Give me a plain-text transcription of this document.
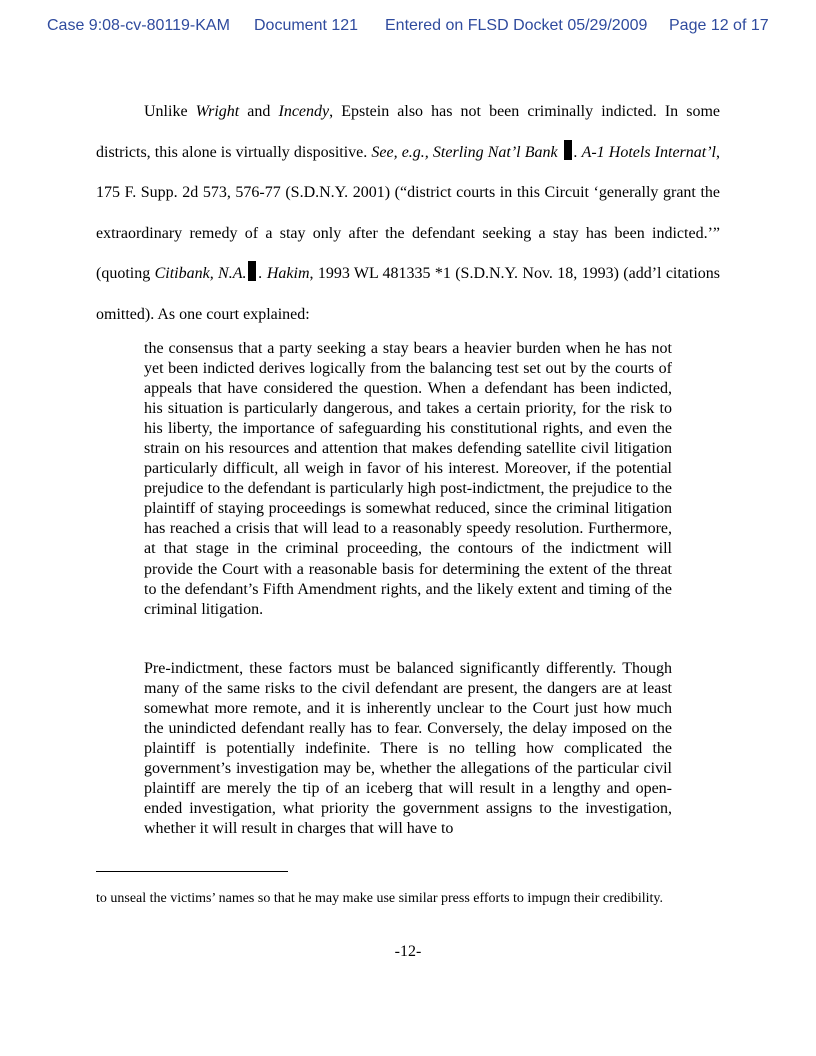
Case 9:08-cv-80119-KAM Document 121 Entered on FLSD Docket 05/29/2009 Page 12 of 17
Unlike Wright and Incendy, Epstein also has not been criminally indicted. In some districts, this alone is virtually dispositive. See, e.g., Sterling Nat’l Bank . A-1 Hotels Internat’l, 175 F. Supp. 2d 573, 576-77 (S.D.N.Y. 2001) (“district courts in this Circuit ‘generally grant the extraordinary remedy of a stay only after the defendant seeking a stay has been indicted.’” (quoting Citibank, N.A. . Hakim, 1993 WL 481335 *1 (S.D.N.Y. Nov. 18, 1993) (add’l citations omitted). As one court explained:
the consensus that a party seeking a stay bears a heavier burden when he has not yet been indicted derives logically from the balancing test set out by the courts of appeals that have considered the question. When a defendant has been indicted, his situation is particularly dangerous, and takes a certain priority, for the risk to his liberty, the importance of safeguarding his constitutional rights, and even the strain on his resources and attention that makes defending satellite civil litigation particularly difficult, all weigh in favor of his interest. Moreover, if the potential prejudice to the defendant is particularly high post-indictment, the prejudice to the plaintiff of staying proceedings is somewhat reduced, since the criminal litigation has reached a crisis that will lead to a reasonably speedy resolution. Furthermore, at that stage in the criminal proceeding, the contours of the indictment will provide the Court with a reasonable basis for determining the extent of the threat to the defendant’s Fifth Amendment rights, and the likely extent and timing of the criminal litigation.
Pre-indictment, these factors must be balanced significantly differently. Though many of the same risks to the civil defendant are present, the dangers are at least somewhat more remote, and it is inherently unclear to the Court just how much the unindicted defendant really has to fear. Conversely, the delay imposed on the plaintiff is potentially indefinite. There is no telling how complicated the government’s investigation may be, whether the allegations of the particular civil plaintiff are merely the tip of an iceberg that will result in a lengthy and open-ended investigation, what priority the government assigns to the investigation, whether it will result in charges that will have to
to unseal the victims’ names so that he may make use similar press efforts to impugn their credibility.
-12-
